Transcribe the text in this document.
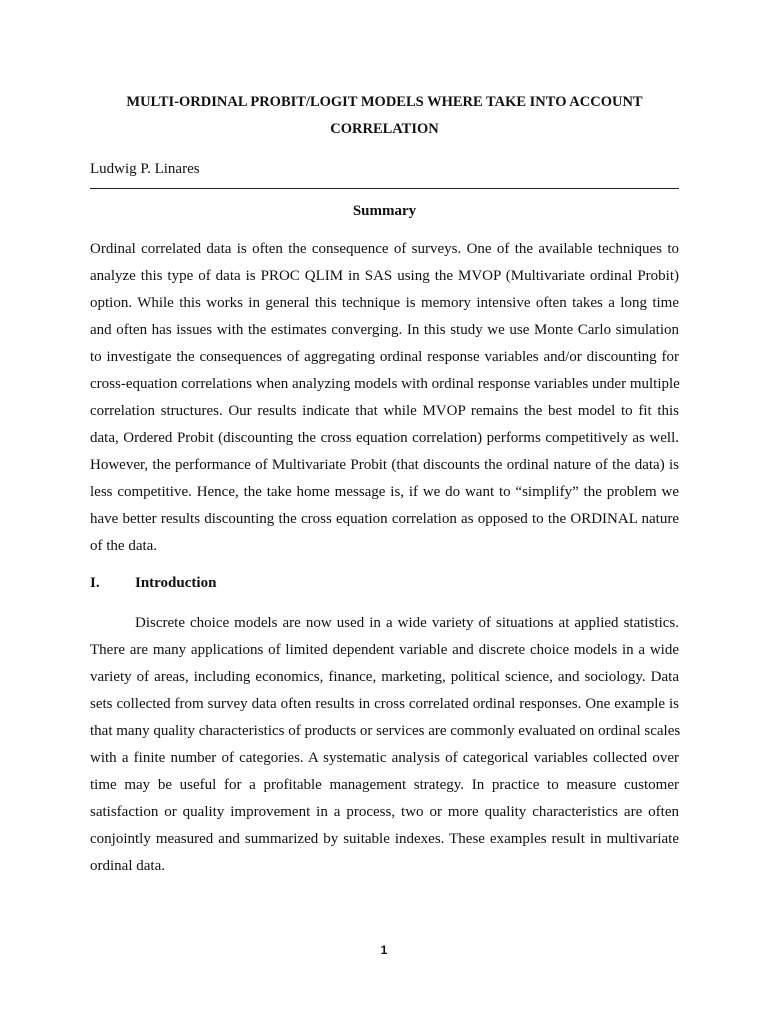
MULTI-ORDINAL PROBIT/LOGIT MODELS WHERE TAKE INTO ACCOUNT
CORRELATION
Ludwig P. Linares
Summary
Ordinal correlated data is often the consequence of surveys. One of the available techniques to
analyze this type of data is PROC QLIM in SAS using the MVOP (Multivariate ordinal Probit)
option. While this works in general this technique is memory intensive often takes a long time
and often has issues with the estimates converging. In this study we use Monte Carlo simulation
to investigate the consequences of aggregating ordinal response variables and/or discounting for
cross-equation correlations when analyzing models with ordinal response variables under multiple
correlation structures. Our results indicate that while MVOP remains the best model to fit this
data, Ordered Probit (discounting the cross equation correlation) performs competitively as well.
However, the performance of Multivariate Probit (that discounts the ordinal nature of the data) is
less competitive. Hence, the take home message is, if we do want to “simplify” the problem we
have better results discounting the cross equation correlation as opposed to the ORDINAL nature
of the data.
I. Introduction
Discrete choice models are now used in a wide variety of situations at applied statistics.
There are many applications of limited dependent variable and discrete choice models in a wide
variety of areas, including economics, finance, marketing, political science, and sociology. Data
sets collected from survey data often results in cross correlated ordinal responses. One example is
that many quality characteristics of products or services are commonly evaluated on ordinal scales
with a finite number of categories. A systematic analysis of categorical variables collected over
time may be useful for a profitable management strategy. In practice to measure customer
satisfaction or quality improvement in a process, two or more quality characteristics are often
conjointly measured and summarized by suitable indexes. These examples result in multivariate
ordinal data.
1
